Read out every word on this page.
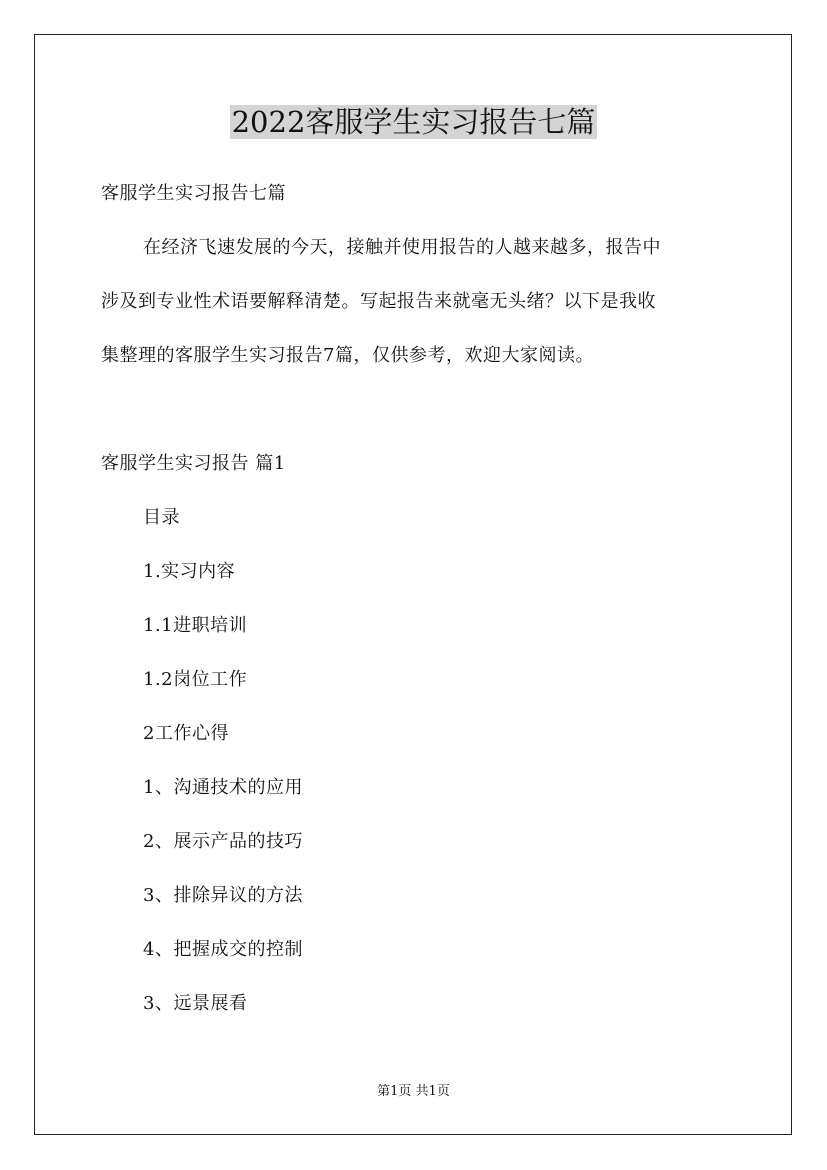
2022客服学生实习报告七篇
客服学生实习报告七篇
在经济飞速发展的今天，接触并使用报告的人越来越多，报告中
涉及到专业性术语要解释清楚。写起报告来就毫无头绪？以下是我收
集整理的客服学生实习报告7篇，仅供参考，欢迎大家阅读。
客服学生实习报告 篇1
目录
1.实习内容
1.1进职培训
1.2岗位工作
2工作心得
1、沟通技术的应用
2、展示产品的技巧
3、排除异议的方法
4、把握成交的控制
3、远景展看
第1页 共1页
